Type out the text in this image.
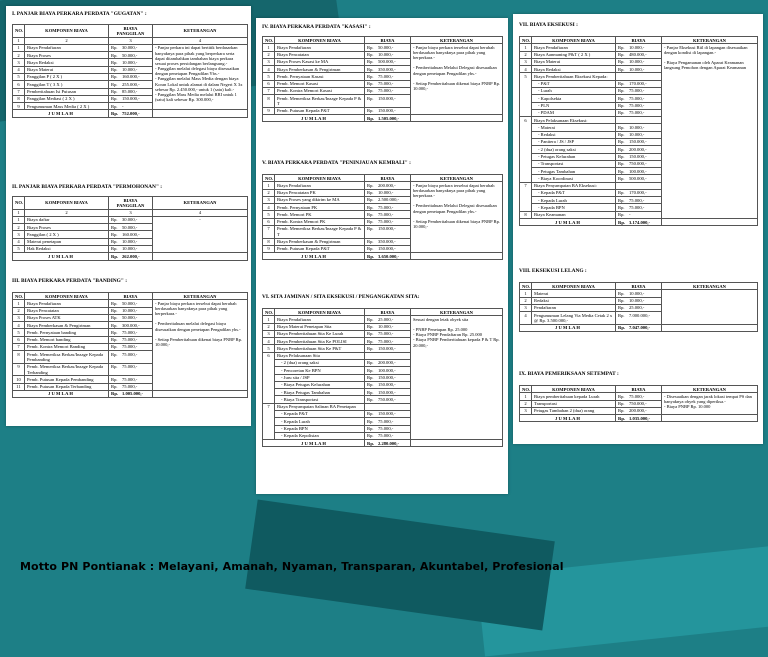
I. PANJAR BIAYA PERKARA PERDATA "GUGATAN" :
NO.	KOMPONEN BIAYA	BIAYA PANGGILAN	KETERANGAN
1	2	3	4
1	Biaya Pendaftaran	Rp. 30.000,-	- Panjar perkara ini dapat bertitik berdasarkan banyaknya para pihak yang berperkara serta dapat ditambahkan tambahan biaya perkara sesuai proses persidangan berlangsung.-
- Panggilan melalui delegasi biaya disesuaikan dengan penetapan Pengadilan Ybs.-
- Panggilan melalui Mass Media dengan biaya Koran Lokal untuk alamat di dalam Negeri X 3x sebesar Rp. 2.450.000,- untuk 1 (satu) kali.-
- Panggilan Mass Media melalui RRI untuk 1 (satu) kali sebesar Rp. 300.000,-
2	Biaya Proses	Rp. 50.000,-	
3	Biaya Redaksi	Rp. 10.000,-	
4	Biaya Materai	Rp. 10.000,-	
5	Panggilan P ( 2 X )	Rp. 160.000,-	
6	Panggilan T ( 3 X )	Rp. 255.000,-	
7	Pemberitahuan Isi Putusan	Rp. 85.000,-	
8	Panggilan Mediasi ( 2 X )	Rp. 150.000,-	
9	Pengumuman Mass Media ( 2 X )	Rp. -	
J U M L A H		Rp. 752.000,-	
II. PANJAR BIAYA PERKARA PERDATA "PERMOHONAN" :
NO.	KOMPONEN BIAYA	BIAYA PANGGILAN	KETERANGAN
1	2	3	4
1	Biaya daftar	Rp. 30.000,-	-
2	Biaya Proses	Rp. 50.000,-	
3	Panggilan ( 2 X )	Rp. 160.000,-	
4	Materai penetapan	Rp. 10.000,-	
5	Hak Redaksi	Rp. 10.000,-	
J U M L A H		Rp. 262.000,-	
III. BIAYA PERKARA PERDATA "BANDING" :
NO.	KOMPONEN BIAYA	BIAYA	KETERANGAN
1	Biaya Pendaftaran	Rp. 50.000,-	- Panjar biaya perkara tersebut dapat berubah berdasarkan banyaknya para pihak yang berperkara.-

- Pemberitahuan melalui delegasi biaya disesuaikan dengan penetapan Pengadilan ybs.-

- Setiap Pemberitahuan dikenai biaya PNBP Rp. 10.000,-
2	Biaya Pencatatan	Rp. 10.000,-	
3	Biaya Proses ATK	Rp. 50.000,-	
4	Biaya Pemberkasan & Pengiriman	Rp. 300.000,-	
5	Pemb. Pernyataan banding	Rp. 75.000,-	
6	Pemb. Memori banding	Rp. 75.000,-	
7	Pemb. Kontra Memori Banding	Rp. 75.000,-	
8	Pemb. Memeriksa Berkas/Inzage Kepada Pembanding	Rp. 75.000,-	
9	Pemb. Memeriksa Berkas/Inzage Kepada Terbanding	Rp. 75.000,-	
10	Pemb. Putusan Kepada Pembanding	Rp. 75.000,-	
11	Pemb. Putusan Kepada Terbanding	Rp. 75.000,-	
J U M L A H		Rp. 1.005.000,-	
IV. BIAYA PERKARA PERDATA "KASASI" :
NO.	KOMPONEN BIAYA	BIAYA	KETERANGAN
1	Biaya Pendaftaran	Rp. 50.000,-	- Panjar biaya perkara tersebut dapat berubah berdasarkan banyaknya para pihak yang berperkara.-

- Pemberitahuan Melalui Delegasi disesuaikan dengan penetapan Pengadilan ybs.-

- Setiap Pemberitahuan dikenai biaya PNBP Rp. 10.000,-
2	Biaya Pencatatan	Rp. 10.000,-	
3	Biaya Proses Kasasi ke MA	Rp. 500.000,-	
4	Biaya Pemberkasan & Pengiriman	Rp. 350.000,-	
5	Pemb. Pernyataan Kasasi	Rp. 75.000,-	
6	Pemb. Memori Kasasi	Rp. 75.000,-	
7	Pemb. Kontra Memori Kasasi	Rp. 75.000,-	
8	Pemb. Memeriksa Berkas/Inzage Kepada P & T	Rp. 150.000,-	
9	Pemb. Putusan Kepada P&T	Rp. 150.000,-	
J U M L A H		Rp. 1.505.000,-	
V. BIAYA PERKARA PERDATA "PENINJAUAN KEMBALI" :
NO.	KOMPONEN BIAYA	BIAYA	KETERANGAN
1	Biaya Pendaftaran	Rp. 200.000,-	- Panjar biaya perkara tersebut dapat berubah berdasarkan banyaknya para pihak yang berperkara.-

- Pemberitahuan Melalui Delegasi disesuaikan dengan penetapan Pengadilan ybs.-

- Setiap Pemberitahuan dikenai biaya PNBP Rp. 10.000,-
2	Biaya Pencatatan PK	Rp. 10.000,-	
3	Biaya Proses yang dikirim ke MA	Rp. 2.500.000,-	
4	Pemb. Pernyataan PK	Rp. 75.000,-	
5	Pemb. Memori PK	Rp. 75.000,-	
6	Pemb. Kontra Memori PK	Rp. 75.000,-	
7	Pemb. Memeriksa Berkas/Inzage Kepada P & T	Rp. 150.000,-	
8	Biaya Pemberkasan & Pengiriman	Rp. 350.000,-	
9	Pemb. Putusan Kepada P&T	Rp. 150.000,-	
J U M L A H		Rp. 3.650.000,-	
VI. SITA JAMINAN / SITA EKSEKUSI / PENGANGKATAN SITA:
NO.	KOMPONEN BIAYA	BIAYA	KETERANGAN
1	Biaya Pendaftaran	Rp. 25.000,-	Sesuai dengan letak obyek sita

- PNBP Penetapan Rp. 25.000
- Biaya PNBP Pendaftaran Rp. 25.000
- Biaya PNBP Pemberitahuan kepada P & T Rp. 20.000,-
2	Biaya Materai Penetapan Sita	Rp. 10.000,-	
3	Biaya Pemberitahuan Sita Ke Lurah	Rp. 75.000,-	
4	Biaya Pemberitahuan Sita Ke POLISI	Rp. 75.000,-	
5	Biaya Pemberitahuan Sita Ke P&T	Rp. 150.000,-	
6	Biaya Pelaksanaan Sita		
	- 2 (dua) orang saksi	Rp. 200.000,-	
	- Pencoretan Ke BPN	Rp. 100.000,-	
	- Juru sita / JSP	Rp. 150.000,-	
	- Biaya Petugas Kelurahan	Rp. 150.000,-	
	- Biaya Petugas Tambahan	Rp. 150.000,-	
	- Biaya Transportasi	Rp. 750.000,-	
7	Biaya Penyampaian Salinan BA Penetapan		
	- Kepada P&T	Rp. 150.000,-	
	- Kepada Lurah	Rp. 75.000,-	
	- Kepada BPN	Rp. 75.000,-	
	- Kepada Kepolisian	Rp. 75.000,-	
J U M L A H		Rp. 2.280.000,-	
VII. BIAYA EKSEKUSI :
NO.	KOMPONEN BIAYA	BIAYA	KETERANGAN
1	Biaya Pendaftaran	Rp. 10.000,-	- Panjar Eksekusi Riil di lapangan disesuaikan dengan kondisi di lapangan.-

- Biaya Pengamanan oleh Aparat Keamanan langsung Pemohon dengan Aparat Keamanan
2	Biaya Aanmaning P&T ( 2 X )	Rp. 480.000,-	
3	Biaya Materai	Rp. 10.000,-	
4	Biaya Redaksi	Rp. 10.000,-	
5	Biaya Pemberitahuan Eksekusi Kepada:		
	- P&T	Rp. 170.000,-	
	- Lurah	Rp. 75.000,-	
	- Kapolsekta	Rp. 75.000,-	
	- PLN	Rp. 75.000,-	
	- PDAM	Rp. 75.000,-	
6	Biaya Pelaksanaan Eksekusi:		
	- Materai	Rp. 10.000,-	
	- Redaksi	Rp. 10.000,-	
	- Panitera / JS / JSP	Rp. 150.000,-	
	- 2 (dua) orang saksi	Rp. 200.000,-	
	- Petugas Kelurahan	Rp. 150.000,-	
	- Transportasi	Rp. 750.000,-	
	- Petugas Tambahan	Rp. 100.000,-	
	- Biaya Koordinasi	Rp. 500.000,-	
7	Biaya Penyampaian BA Eksekusi:		
	- Kepada P&T	Rp. 170.000,-	
	- Kepada Lurah	Rp. 75.000,-	
	- Kepada BPN	Rp. 75.000,-	
8	Biaya Keamanan	Rp. -	
J U M L A H		Rp. 3.174.000,-	
VIII. EKSEKUSI LELANG :
NO.	KOMPONEN BIAYA	BIAYA	KETERANGAN
1	Materai	Rp. 10.000,-	
2	Redaksi	Rp. 10.000,-	
3	Pendaftaran	Rp. 25.000,-	
4	Pengumuman Lelang Via Media Cetak 2 x @ Rp. 3.500.000,-	Rp. 7.000.000,-	
J U M L A H		Rp. 7.047.000,-	
IX. BIAYA PEMERIKSAAN SETEMPAT :
NO.	KOMPONEN BIAYA	BIAYA	KETERANGAN
1	Biaya pemberitahuan kepada Lurah	Rp. 75.000,-	- Disesuaikan dengan jarak lokasi tempat PS dan banyaknya obyek yang diperiksa.-
- Biaya PNBP Rp. 10.000
2	Transportasi	Rp. 750.000,-	
3	Petugas Tambahan 2 (dua) orang	Rp. 200.000,-	
J U M L A H		Rp. 1.035.000,-	
Motto PN Pontianak : Melayani, Amanah, Nyaman, Transparan, Akuntabel, Profesional
